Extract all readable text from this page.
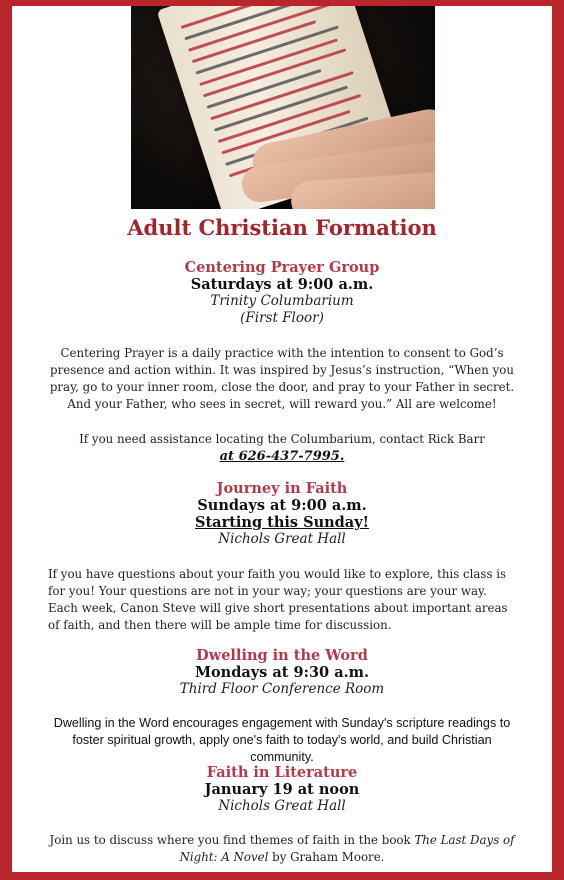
Adult Christian Formation
Centering Prayer Group
Saturdays at 9:00 a.m.
Trinity Columbarium
(First Floor)
Centering Prayer is a daily practice with the intention to consent to God’s presence and action within. It was inspired by Jesus’s instruction, “When you pray, go to your inner room, close the door, and pray to your Father in secret. And your Father, who sees in secret, will reward you.” All are welcome!
If you need assistance locating the Columbarium, contact Rick Barr
at 626-437-7995.
Journey in Faith
Sundays at 9:00 a.m.
Starting this Sunday!
Nichols Great Hall
If you have questions about your faith you would like to explore, this class is for you! Your questions are not in your way; your questions are your way. Each week, Canon Steve will give short presentations about important areas of faith, and then there will be ample time for discussion.
Dwelling in the Word
Mondays at 9:30 a.m.
Third Floor Conference Room
Dwelling in the Word encourages engagement with Sunday's scripture readings to foster spiritual growth, apply one's faith to today's world, and build Christian community.
Faith in Literature
January 19 at noon
Nichols Great Hall
Join us to discuss where you find themes of faith in the book The Last Days of Night: A Novel by Graham Moore.
